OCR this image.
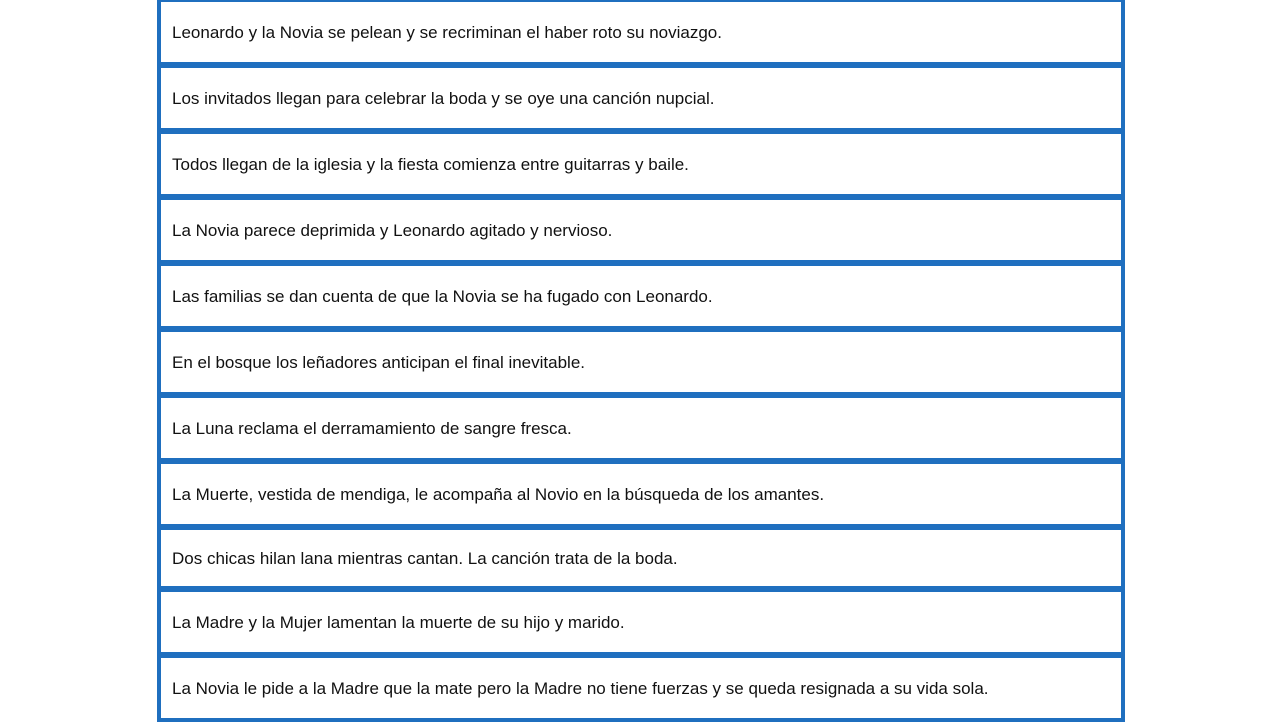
Leonardo y la Novia se pelean y se recriminan el haber roto su noviazgo.
Los invitados llegan para celebrar la boda y se oye una canción nupcial.
Todos llegan de la iglesia y la fiesta comienza entre guitarras y baile.
La Novia parece deprimida y Leonardo agitado y nervioso.
Las familias se dan cuenta de que la Novia se ha fugado con Leonardo.
En el bosque los leñadores anticipan el final inevitable.
La Luna reclama el derramamiento de sangre fresca.
La Muerte, vestida de mendiga, le acompaña al Novio en la búsqueda de los amantes.
Dos chicas hilan lana mientras cantan. La canción trata de la boda.
La Madre y la Mujer lamentan la muerte de su hijo y marido.
La Novia le pide a la Madre que la mate pero la Madre no tiene fuerzas y se queda resignada a su vida sola.
